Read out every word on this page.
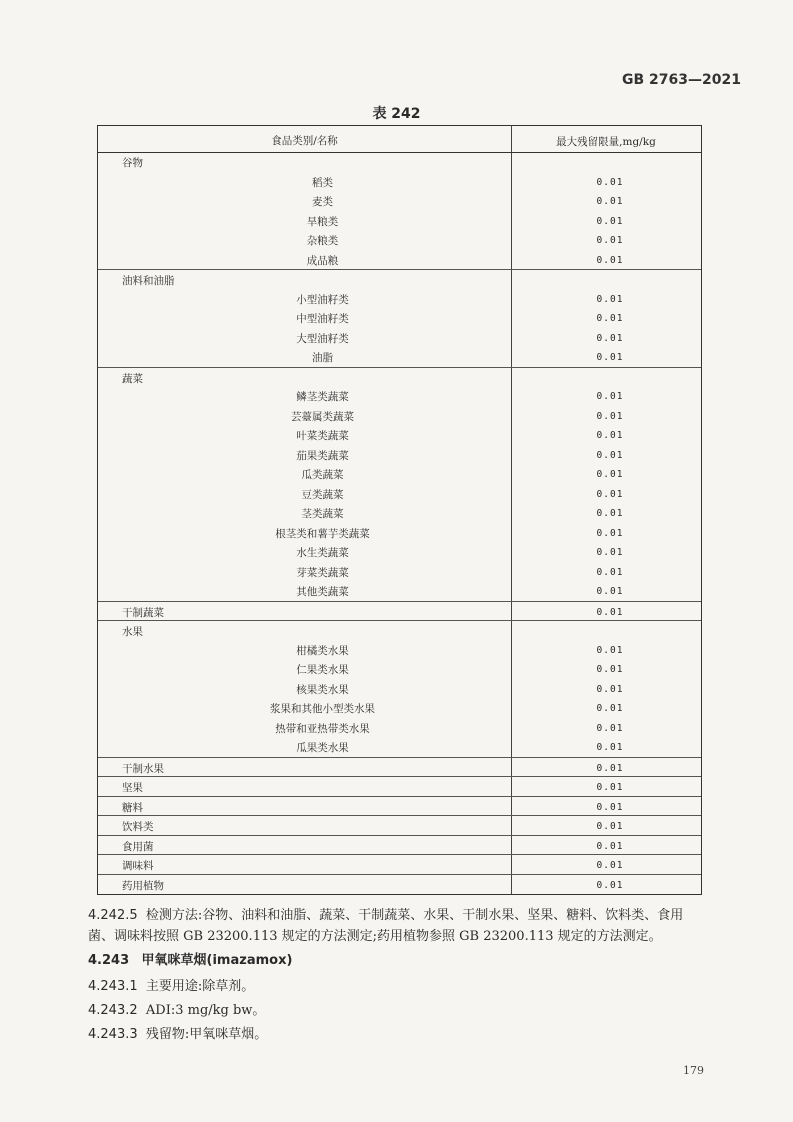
GB 2763—2021
表 242
食品类别/名称	最大残留限量,mg/kg
谷物
稻类	0.01
麦类	0.01
旱粮类	0.01
杂粮类	0.01
成品粮	0.01
油料和油脂
小型油籽类	0.01
中型油籽类	0.01
大型油籽类	0.01
油脂	0.01
蔬菜
鳞茎类蔬菜	0.01
芸薹属类蔬菜	0.01
叶菜类蔬菜	0.01
茄果类蔬菜	0.01
瓜类蔬菜	0.01
豆类蔬菜	0.01
茎类蔬菜	0.01
根茎类和薯芋类蔬菜	0.01
水生类蔬菜	0.01
芽菜类蔬菜	0.01
其他类蔬菜	0.01
干制蔬菜	0.01
水果
柑橘类水果	0.01
仁果类水果	0.01
核果类水果	0.01
浆果和其他小型类水果	0.01
热带和亚热带类水果	0.01
瓜果类水果	0.01
干制水果	0.01
坚果	0.01
糖料	0.01
饮料类	0.01
食用菌	0.01
调味料	0.01
药用植物	0.01
4.242.5 检测方法:谷物、油料和油脂、蔬菜、干制蔬菜、水果、干制水果、坚果、糖料、饮料类、食用菌、调味料按照 GB 23200.113 规定的方法测定;药用植物参照 GB 23200.113 规定的方法测定。
4.243 甲氧咪草烟(imazamox)
4.243.1 主要用途:除草剂。
4.243.2 ADI:3 mg/kg bw。
4.243.3 残留物:甲氧咪草烟。
179
